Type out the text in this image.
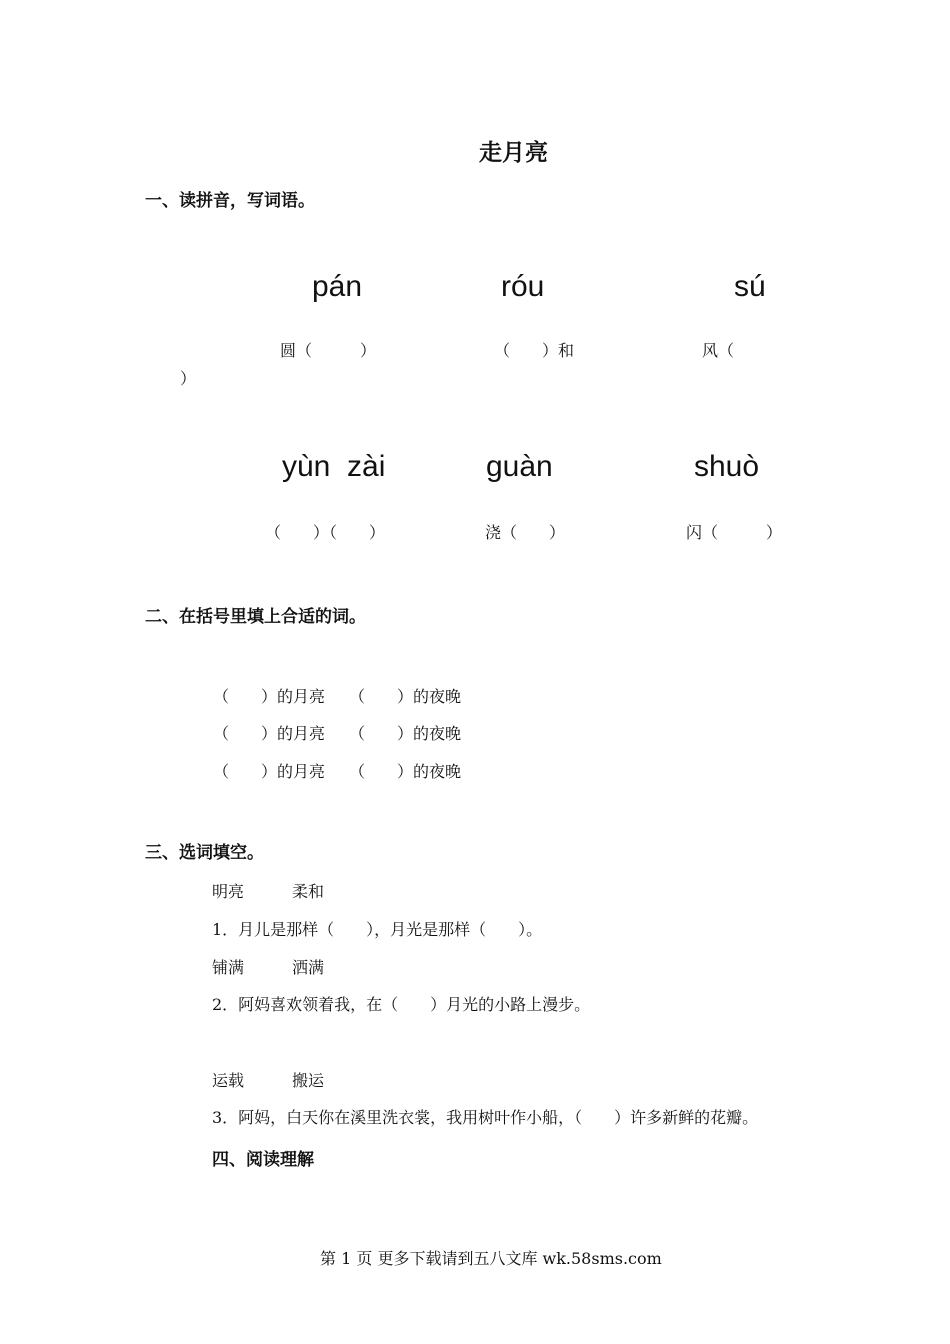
走月亮
一、读拼音，写词语。
pán	róu	sú
圆（　　　）	（　　）和	风（
）
yùn  zài	guàn	shuò
（　　）（　　）	浇（　　）	闪（　　　）
二、在括号里填上合适的词。
（　　）的月亮　　（　　）的夜晚
（　　）的月亮　　（　　）的夜晚
（　　）的月亮　　（　　）的夜晚
三、选词填空。
明亮　　　柔和
1．月儿是那样（　　），月光是那样（　　）。
铺满　　　洒满
2．阿妈喜欢领着我，在（　　）月光的小路上漫步。
运载　　　搬运
3．阿妈，白天你在溪里洗衣裳，我用树叶作小船，（　　）许多新鲜的花瓣。
四、阅读理解
第 1 页 更多下载请到五八文库 wk.58sms.com
